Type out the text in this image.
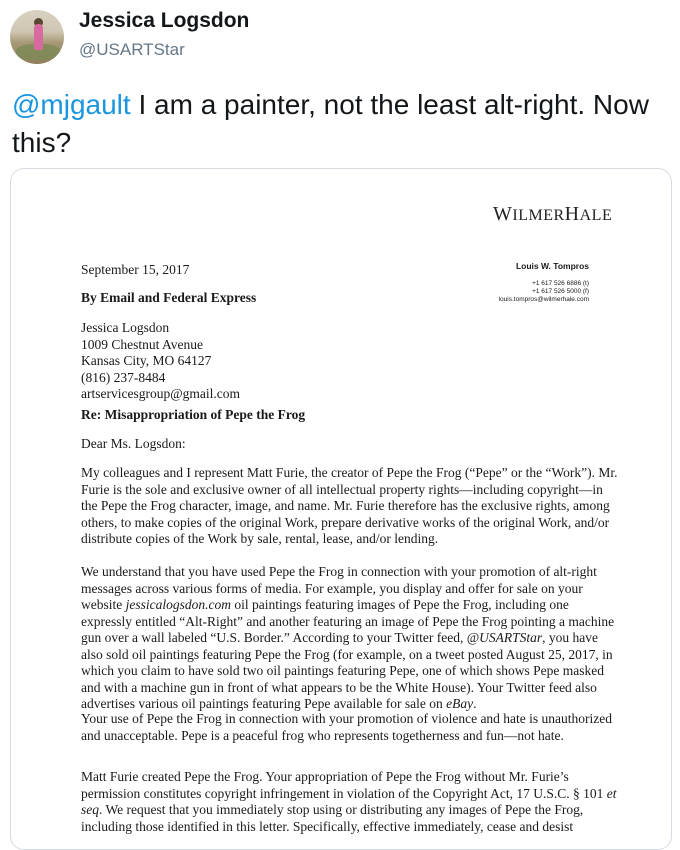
Jessica Logsdon
@USARTStar
@mjgault I am a painter, not the least alt-right. Now this?
WILMERHALE
September 15, 2017
By Email and Federal Express
Louis W. Tompros
+1 617 526 6886 (t)
+1 617 526 5000 (f)
louis.tompros@wilmerhale.com
Jessica Logsdon
1009 Chestnut Avenue
Kansas City, MO 64127
(816) 237-8484
artservicesgroup@gmail.com
Re: Misappropriation of Pepe the Frog
Dear Ms. Logsdon:
My colleagues and I represent Matt Furie, the creator of Pepe the Frog (“Pepe” or the “Work”). Mr. Furie is the sole and exclusive owner of all intellectual property rights—including copyright—in the Pepe the Frog character, image, and name. Mr. Furie therefore has the exclusive rights, among others, to make copies of the original Work, prepare derivative works of the original Work, and/or distribute copies of the Work by sale, rental, lease, and/or lending.
We understand that you have used Pepe the Frog in connection with your promotion of alt-right messages across various forms of media. For example, you display and offer for sale on your website jessicalogsdon.com oil paintings featuring images of Pepe the Frog, including one expressly entitled “Alt-Right” and another featuring an image of Pepe the Frog pointing a machine gun over a wall labeled “U.S. Border.” According to your Twitter feed, @USARTStar, you have also sold oil paintings featuring Pepe the Frog (for example, on a tweet posted August 25, 2017, in which you claim to have sold two oil paintings featuring Pepe, one of which shows Pepe masked and with a machine gun in front of what appears to be the White House). Your Twitter feed also advertises various oil paintings featuring Pepe available for sale on eBay.
Your use of Pepe the Frog in connection with your promotion of violence and hate is unauthorized and unacceptable. Pepe is a peaceful frog who represents togetherness and fun—not hate.
Matt Furie created Pepe the Frog. Your appropriation of Pepe the Frog without Mr. Furie’s permission constitutes copyright infringement in violation of the Copyright Act, 17 U.S.C. § 101 et seq. We request that you immediately stop using or distributing any images of Pepe the Frog, including those identified in this letter. Specifically, effective immediately, cease and desist
